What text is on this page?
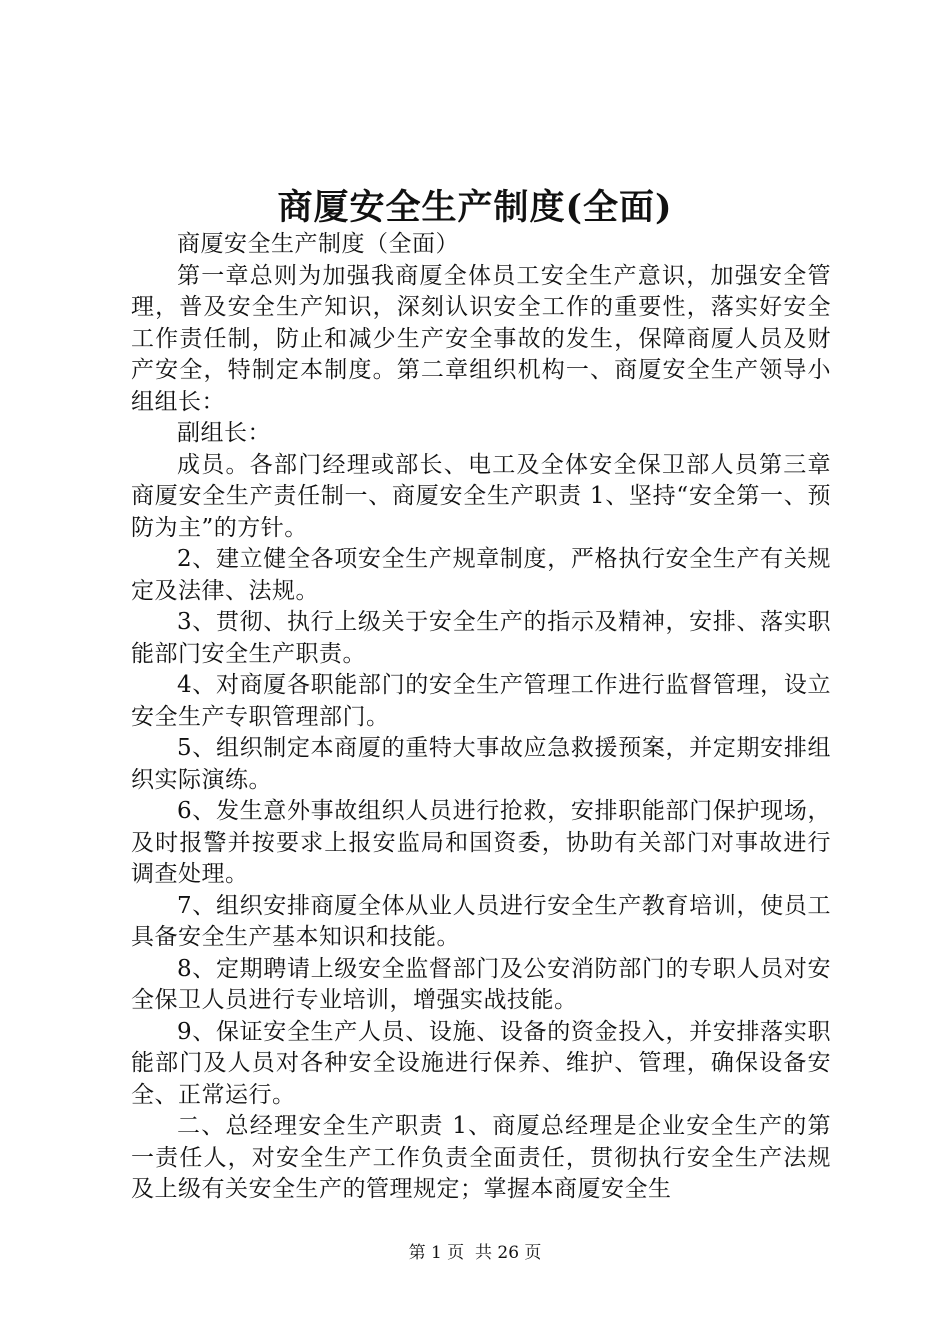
商厦安全生产制度(全面)

商厦安全生产制度（全面）

第一章总则为加强我商厦全体员工安全生产意识，加强安全管理，普及安全生产知识，深刻认识安全工作的重要性，落实好安全工作责任制，防止和减少生产安全事故的发生，保障商厦人员及财产安全，特制定本制度。第二章组织机构一、商厦安全生产领导小组组长：

副组长：

成员。各部门经理或部长、电工及全体安全保卫部人员第三章商厦安全生产责任制一、商厦安全生产职责 1、坚持“安全第一、预防为主”的方针。

2、建立健全各项安全生产规章制度，严格执行安全生产有关规定及法律、法规。

3、贯彻、执行上级关于安全生产的指示及精神，安排、落实职能部门安全生产职责。

4、对商厦各职能部门的安全生产管理工作进行监督管理，设立安全生产专职管理部门。

5、组织制定本商厦的重特大事故应急救援预案，并定期安排组织实际演练。

6、发生意外事故组织人员进行抢救，安排职能部门保护现场，及时报警并按要求上报安监局和国资委，协助有关部门对事故进行调查处理。

7、组织安排商厦全体从业人员进行安全生产教育培训，使员工具备安全生产基本知识和技能。

8、定期聘请上级安全监督部门及公安消防部门的专职人员对安全保卫人员进行专业培训，增强实战技能。

9、保证安全生产人员、设施、设备的资金投入，并安排落实职能部门及人员对各种安全设施进行保养、维护、管理，确保设备安全、正常运行。

二、总经理安全生产职责 1、商厦总经理是企业安全生产的第一责任人，对安全生产工作负责全面责任，贯彻执行安全生产法规及上级有关安全生产的管理规定；掌握本商厦安全生

第 1 页  共 26 页
